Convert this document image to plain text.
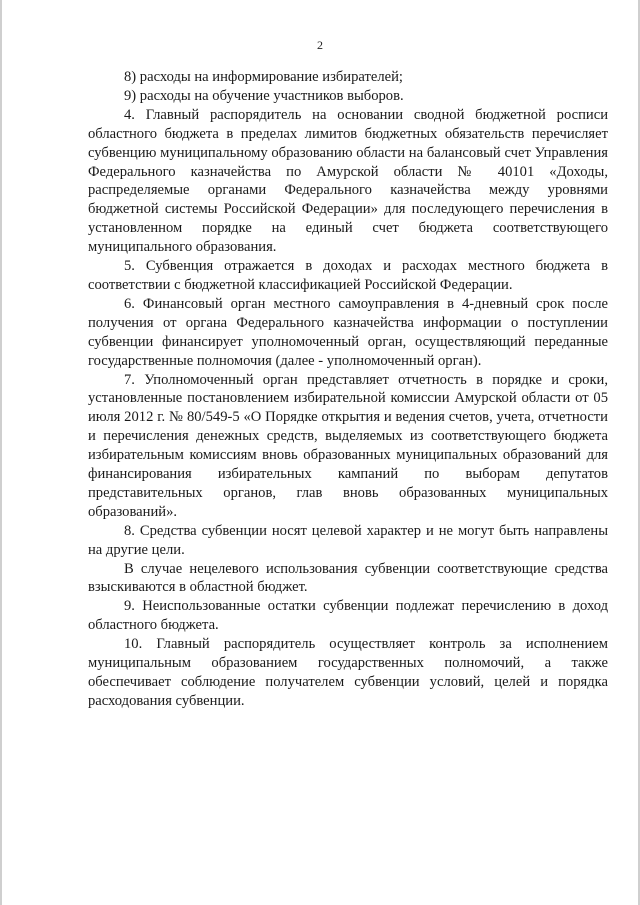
2

8) расходы на информирование избирателей;

9) расходы на обучение участников выборов.

4. Главный распорядитель на основании сводной бюджетной росписи областного бюджета в пределах лимитов бюджетных обязательств перечисляет субвенцию муниципальному образованию области на балансовый счет Управления Федерального казначейства по Амурской области № 40101 «Доходы, распределяемые органами Федерального казначейства между уровнями бюджетной системы Российской Федерации» для последующего перечисления в установленном порядке на единый счет бюджета соответствующего муниципального образования.

5. Субвенция отражается в доходах и расходах местного бюджета в соответствии с бюджетной классификацией Российской Федерации.

6. Финансовый орган местного самоуправления в 4-дневный срок после получения от органа Федерального казначейства информации о поступлении субвенции финансирует уполномоченный орган, осуществляющий переданные государственные полномочия (далее - уполномоченный орган).

7. Уполномоченный орган представляет отчетность в порядке и сроки, установленные постановлением избирательной комиссии Амурской области от 05 июля 2012 г. № 80/549-5 «О Порядке открытия и ведения счетов, учета, отчетности и перечисления денежных средств, выделяемых из соответствующего бюджета избирательным комиссиям вновь образованных муниципальных образований для финансирования избирательных кампаний по выборам депутатов представительных органов, глав вновь образованных муниципальных образований».

8. Средства субвенции носят целевой характер и не могут быть направлены на другие цели.

В случае нецелевого использования субвенции соответствующие средства взыскиваются в областной бюджет.

9. Неиспользованные остатки субвенции подлежат перечислению в доход областного бюджета.

10. Главный распорядитель осуществляет контроль за исполнением муниципальным образованием государственных полномочий, а также обеспечивает соблюдение получателем субвенции условий, целей и порядка расходования субвенции.
